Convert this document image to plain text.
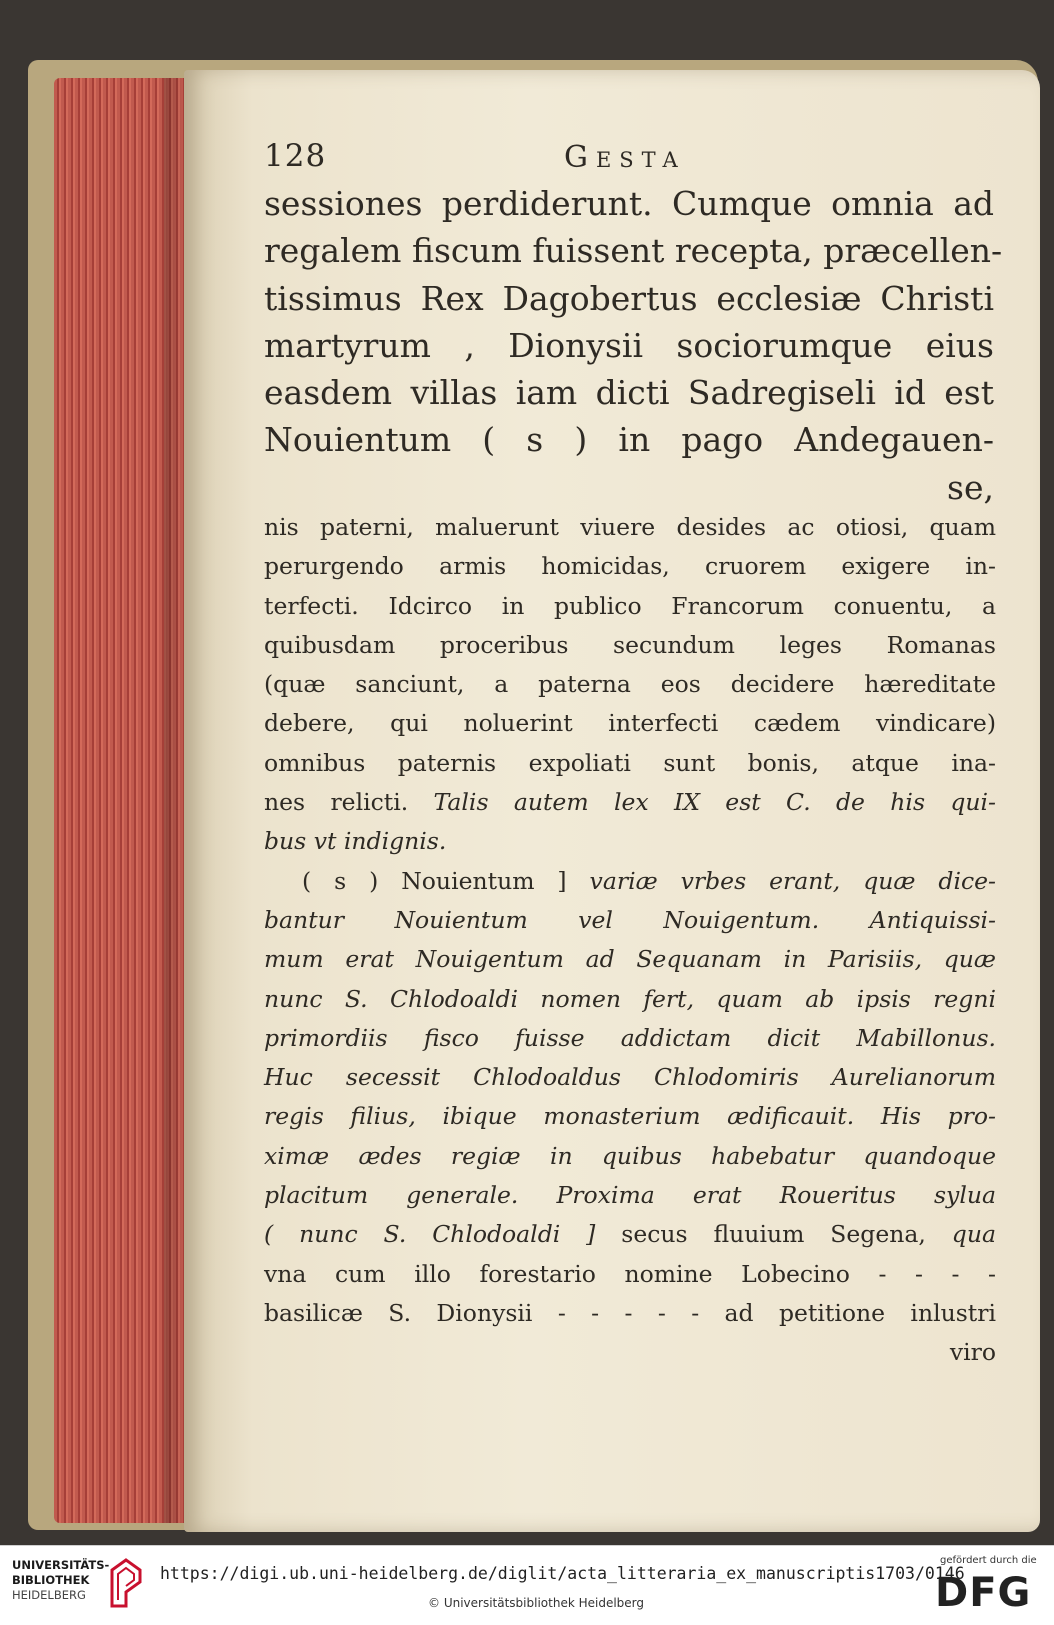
128	Gesta
sessiones perdiderunt. Cumque omnia ad
regalem fiscum fuissent recepta, præcellen-
tissimus Rex Dagobertus ecclesiæ Christi
martyrum , Dionysii sociorumque eius
easdem villas iam dicti Sadregiseli id est
Nouientum ( s ) in pago Andegauen-
se,
nis paterni, maluerunt viuere desides ac otiosi, quam
perurgendo armis homicidas, cruorem exigere in-
terfecti. Idcirco in publico Francorum conuentu, a
quibusdam proceribus secundum leges Romanas
(quæ sanciunt, a paterna eos decidere hæreditate
debere, qui noluerint interfecti cædem vindicare)
omnibus paternis expoliati sunt bonis, atque ina-
nes relicti. Talis autem lex IX est C. de his qui-
bus vt indignis.
( s ) Nouientum ] variæ vrbes erant, quæ dice-
bantur Nouientum vel Nouigentum. Antiquissi-
mum erat Nouigentum ad Sequanam in Parisiis, quæ
nunc S. Chlodoaldi nomen fert, quam ab ipsis regni
primordiis fisco fuisse addictam dicit Mabillonus.
Huc secessit Chlodoaldus Chlodomiris Aurelianorum
regis filius, ibique monasterium ædificauit. His pro-
ximæ ædes regiæ in quibus habebatur quandoque
placitum generale. Proxima erat Roueritus sylua
( nunc S. Chlodoaldi ] secus fluuium Segena, qua
vna cum illo forestario nomine Lobecino - - - -
basilicæ S. Dionysii - - - - - ad petitione inlustri
viro
UNIVERSITÄTS-
BIBLIOTHEK
HEIDELBERG
https://digi.ub.uni-heidelberg.de/diglit/acta_litteraria_ex_manuscriptis1703/0146
© Universitätsbibliothek Heidelberg
gefördert durch die
DFG
